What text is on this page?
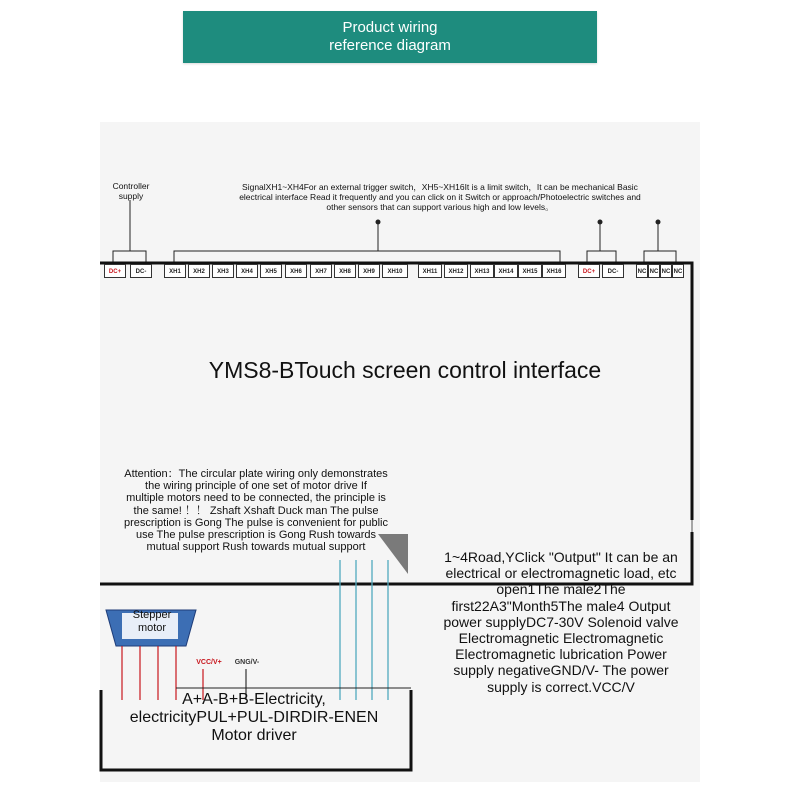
Product wiring
reference diagram
Controller
supply
SignalXH1~XH4For an external trigger switch，XH5~XH16It is a limit switch，It can be mechanical Basic
electrical interface Read it frequently and you can click on it Switch or approach/Photoelectric switches and
other sensors that can support various high and low levels。
DC+	DC-	XH1	XH2	XH3	XH4	XH5	XH6	XH7	XH8	XH9	XH10	XH11	XH12	XH13	XH14	XH15	XH16	DC+	DC-	NC NC NC NC
YMS8-BTouch screen control interface
Attention：The circular plate wiring only demonstrates
the wiring principle of one set of motor drive If
multiple motors need to be connected, the principle is
the same! ！！ Zshaft Xshaft Duck man The pulse
prescription is Gong The pulse is convenient for public
use The pulse prescription is Gong Rush towards
mutual support Rush towards mutual support
1~4Road,YClick "Output" It can be an
electrical or electromagnetic load, etc
open1The male2The
first22A3"Month5The male4 Output
power supplyDC7-30V Solenoid valve
Electromagnetic Electromagnetic
Electromagnetic lubrication Power
supply negativeGND/V- The power
supply is correct.VCC/V
Stepper
motor
VCC/V+	GNG/V-
A+A-B+B-Electricity,
electricityPUL+PUL-DIRDIR-ENEN
Motor driver
